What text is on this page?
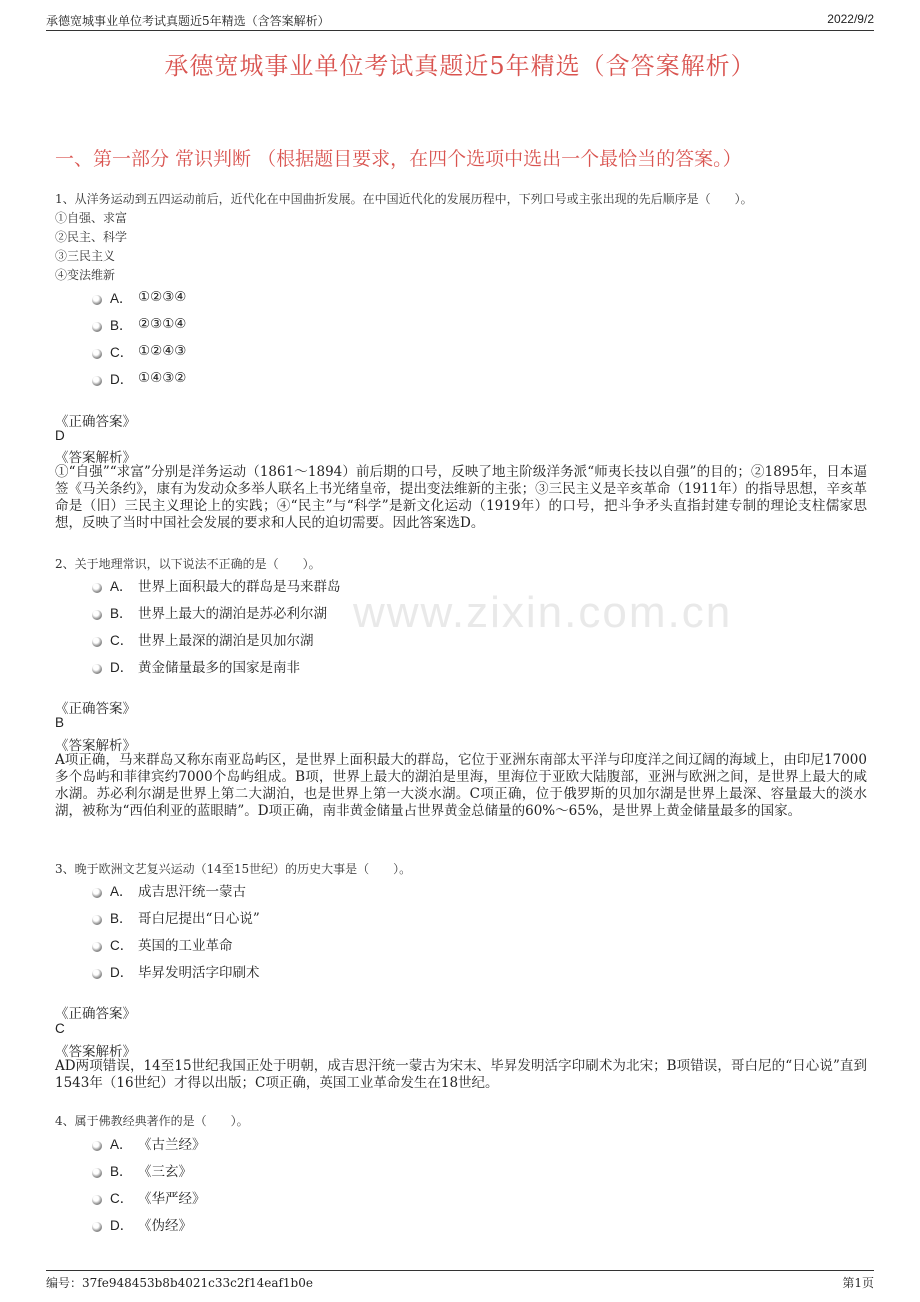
承德宽城事业单位考试真题近5年精选（含答案解析）	2022/9/2
承德宽城事业单位考试真题近5年精选（含答案解析）
一、第一部分 常识判断 （根据题目要求，在四个选项中选出一个最恰当的答案。）
www.zixin.com.cn
1、从洋务运动到五四运动前后，近代化在中国曲折发展。在中国近代化的发展历程中，下列口号或主张出现的先后顺序是（　　）。
①自强、求富
②民主、科学
③三民主义
④变法维新
A． ①②③④
B． ②③①④
C． ①②④③
D． ①④③②
《正确答案》
D
《答案解析》
①“自强”“求富”分别是洋务运动（1861～1894）前后期的口号，反映了地主阶级洋务派“师夷长技以自强”的目的；②1895年，日本逼签《马关条约》，康有为发动众多举人联名上书光绪皇帝，提出变法维新的主张；③三民主义是辛亥革命（1911年）的指导思想，辛亥革命是（旧）三民主义理论上的实践；④“民主”与“科学”是新文化运动（1919年）的口号，把斗争矛头直指封建专制的理论支柱儒家思想，反映了当时中国社会发展的要求和人民的迫切需要。因此答案选D。
2、关于地理常识，以下说法不正确的是（　　）。
A． 世界上面积最大的群岛是马来群岛
B． 世界上最大的湖泊是苏必利尔湖
C． 世界上最深的湖泊是贝加尔湖
D． 黄金储量最多的国家是南非
《正确答案》
B
《答案解析》
A项正确，马来群岛又称东南亚岛屿区，是世界上面积最大的群岛，它位于亚洲东南部太平洋与印度洋之间辽阔的海域上，由印尼17000多个岛屿和菲律宾约7000个岛屿组成。B项，世界上最大的湖泊是里海，里海位于亚欧大陆腹部，亚洲与欧洲之间，是世界上最大的咸水湖。苏必利尔湖是世界上第二大湖泊，也是世界上第一大淡水湖。C项正确，位于俄罗斯的贝加尔湖是世界上最深、容量最大的淡水湖，被称为“西伯利亚的蓝眼睛”。D项正确，南非黄金储量占世界黄金总储量的60%～65%，是世界上黄金储量最多的国家。
3、晚于欧洲文艺复兴运动（14至15世纪）的历史大事是（　　）。
A． 成吉思汗统一蒙古
B． 哥白尼提出“日心说”
C． 英国的工业革命
D． 毕昇发明活字印刷术
《正确答案》
C
《答案解析》
AD两项错误，14至15世纪我国正处于明朝，成吉思汗统一蒙古为宋末、毕昇发明活字印刷术为北宋；B项错误，哥白尼的“日心说”直到1543年（16世纪）才得以出版；C项正确，英国工业革命发生在18世纪。
4、属于佛教经典著作的是（　　）。
A． 《古兰经》
B． 《三玄》
C． 《华严经》
D． 《伪经》
编号：37fe948453b8b4021c33c2f14eaf1b0e	第1页
